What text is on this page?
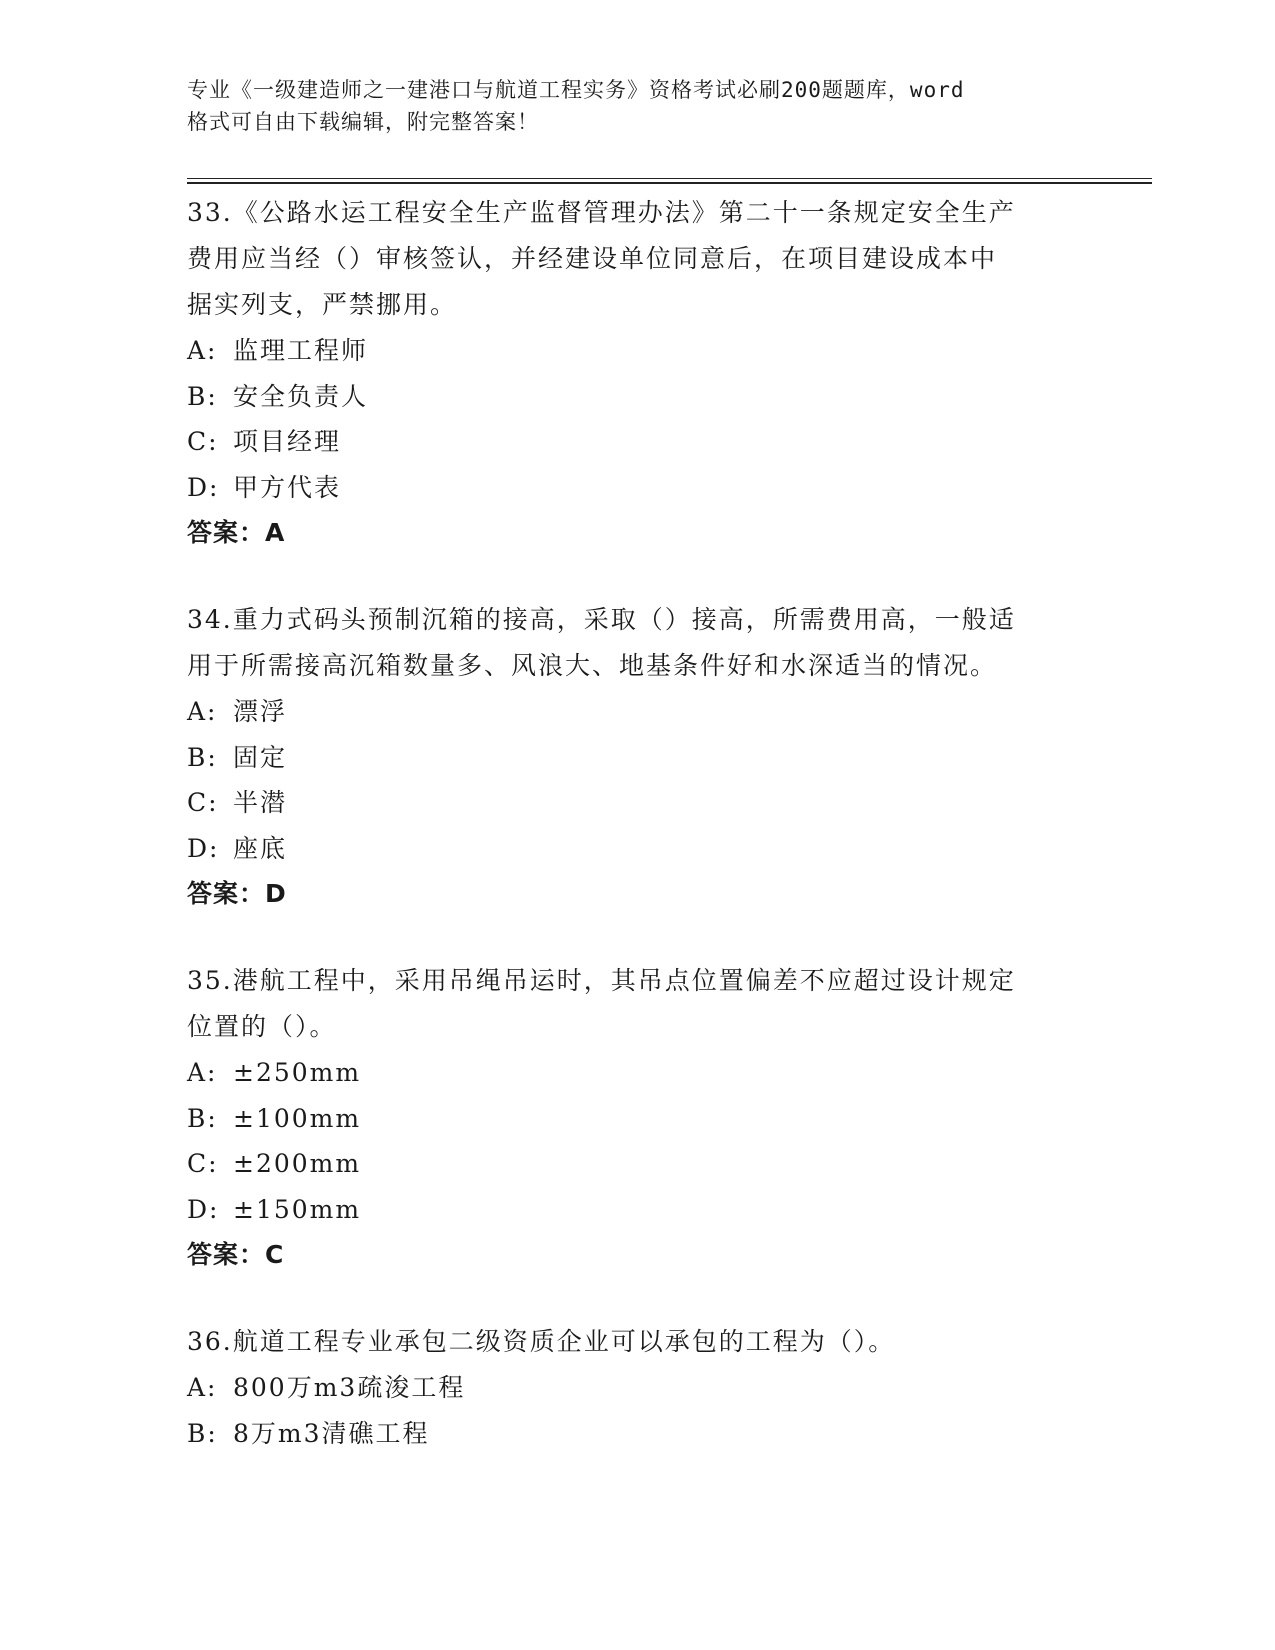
专业《一级建造师之一建港口与航道工程实务》资格考试必刷200题题库，word
格式可自由下载编辑，附完整答案！
33.《公路水运工程安全生产监督管理办法》第二十一条规定安全生产
费用应当经（）审核签认，并经建设单位同意后，在项目建设成本中
据实列支，严禁挪用。
A: 监理工程师
B: 安全负责人
C: 项目经理
D: 甲方代表
答案：A
34.重力式码头预制沉箱的接高，采取（）接高，所需费用高，一般适
用于所需接高沉箱数量多、风浪大、地基条件好和水深适当的情况。
A: 漂浮
B: 固定
C: 半潜
D: 座底
答案：D
35.港航工程中，采用吊绳吊运时，其吊点位置偏差不应超过设计规定
位置的（）。
A: ±250mm
B: ±100mm
C: ±200mm
D: ±150mm
答案：C
36.航道工程专业承包二级资质企业可以承包的工程为（）。
A: 800万m3疏浚工程
B: 8万m3清礁工程
